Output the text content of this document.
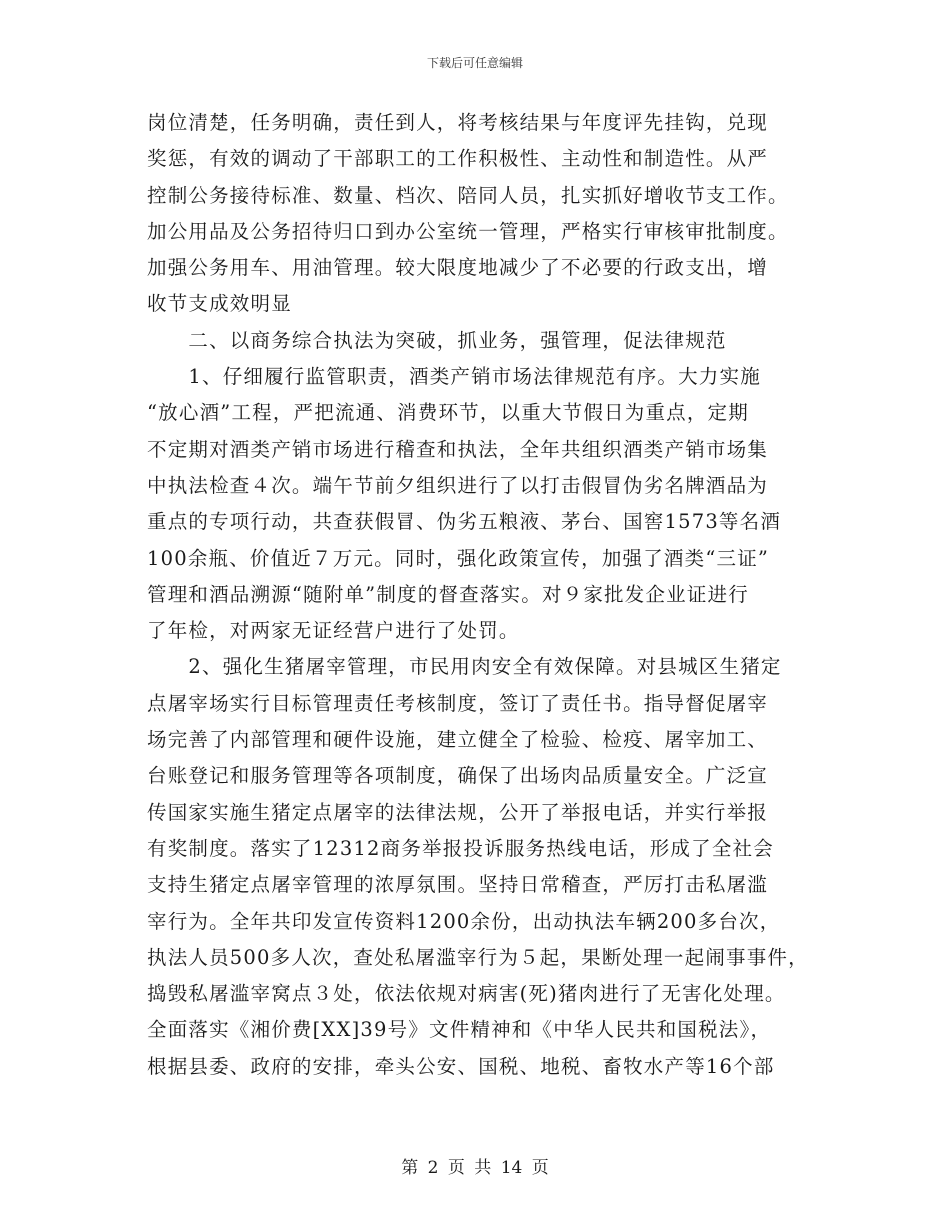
下载后可任意编辑
岗位清楚，任务明确，责任到人，将考核结果与年度评先挂钩，兑现
奖惩，有效的调动了干部职工的工作积极性、主动性和制造性。从严
控制公务接待标准、数量、档次、陪同人员，扎实抓好增收节支工作。
加公用品及公务招待归口到办公室统一管理，严格实行审核审批制度。
加强公务用车、用油管理。较大限度地减少了不必要的行政支出，增
收节支成效明显
　　二、以商务综合执法为突破，抓业务，强管理，促法律规范
　　1、仔细履行监管职责，酒类产销市场法律规范有序。大力实施
“放心酒”工程，严把流通、消费环节，以重大节假日为重点，定期
不定期对酒类产销市场进行稽查和执法，全年共组织酒类产销市场集
中执法检查４次。端午节前夕组织进行了以打击假冒伪劣名牌酒品为
重点的专项行动，共查获假冒、伪劣五粮液、茅台、国窖1573等名酒
100余瓶、价值近７万元。同时，强化政策宣传，加强了酒类“三证”
管理和酒品溯源“随附单”制度的督查落实。对９家批发企业证进行
了年检，对两家无证经营户进行了处罚。
　　2、强化生猪屠宰管理，市民用肉安全有效保障。对县城区生猪定
点屠宰场实行目标管理责任考核制度，签订了责任书。指导督促屠宰
场完善了内部管理和硬件设施，建立健全了检验、检疫、屠宰加工、
台账登记和服务管理等各项制度，确保了出场肉品质量安全。广泛宣
传国家实施生猪定点屠宰的法律法规，公开了举报电话，并实行举报
有奖制度。落实了12312商务举报投诉服务热线电话，形成了全社会
支持生猪定点屠宰管理的浓厚氛围。坚持日常稽查，严厉打击私屠滥
宰行为。全年共印发宣传资料1200余份，出动执法车辆200多台次，
执法人员500多人次，查处私屠滥宰行为５起，果断处理一起闹事事件，
捣毁私屠滥宰窝点３处，依法依规对病害(死)猪肉进行了无害化处理。
全面落实《湘价费[XX]39号》文件精神和《中华人民共和国税法》，
根据县委、政府的安排，牵头公安、国税、地税、畜牧水产等16个部
第 2 页 共 14 页
